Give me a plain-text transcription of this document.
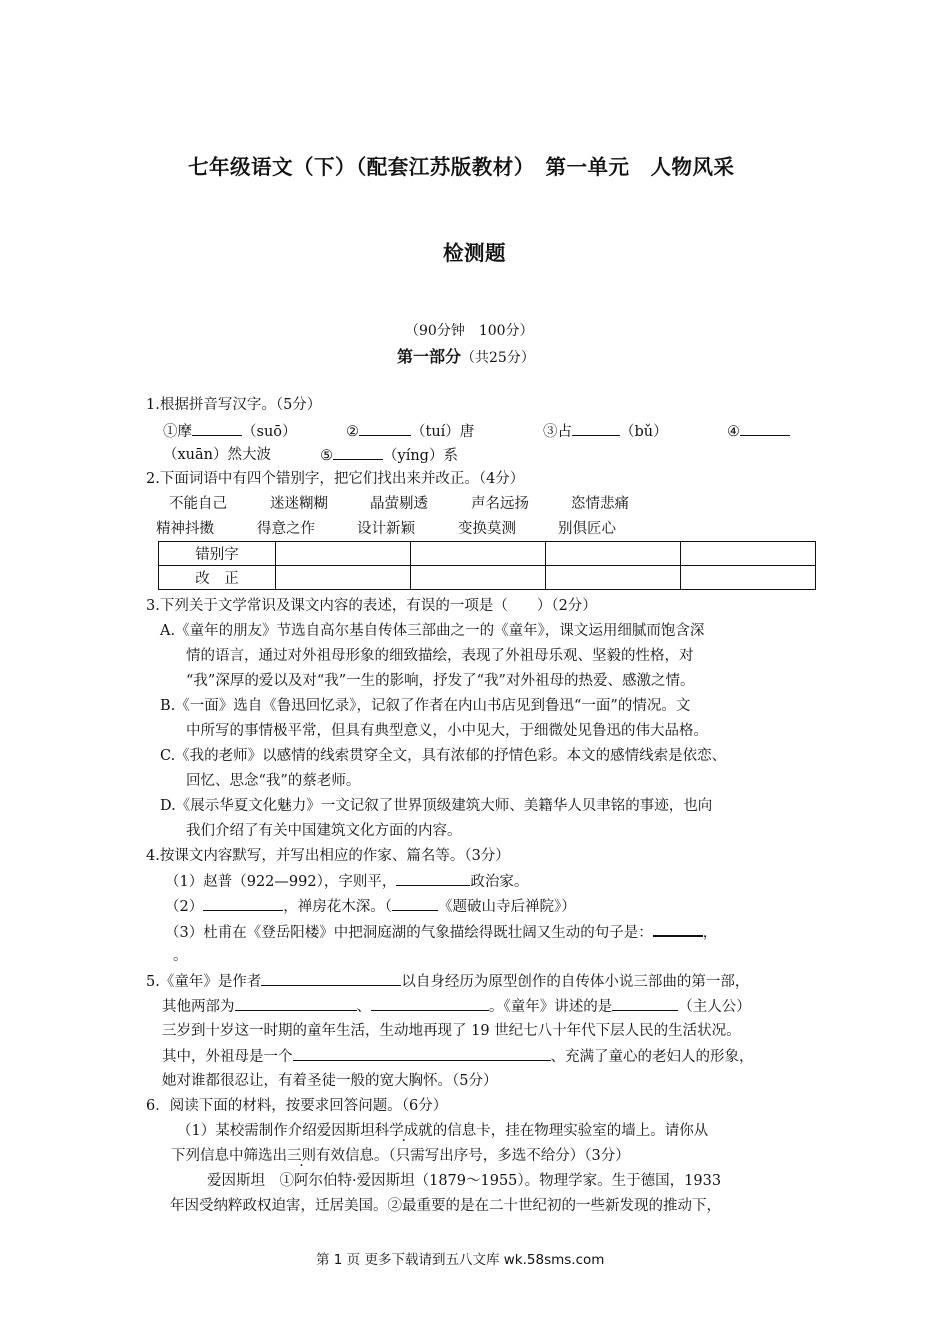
七年级语文（下）（配套江苏版教材）　第一单元　人物风采
检测题
（90分钟　100分）
第一部分（共25分）
1.根据拼音写汉字。（5分）
①摩	（suō）	②	（tuí）唐	③占	（bǔ）	④
（xuān）然大波	⑤	（yíng）系
2.下面词语中有四个错别字，把它们找出来并改正。（4分）
不能自己	迷迷糊糊	晶萤剔透	声名远扬	恣情悲痛
精神抖擞	得意之作	设计新颖	变换莫测	别俱匠心
错别字				
改　正				
3.下列关于文学常识及课文内容的表述，有误的一项是（　　）（2分）
A.《童年的朋友》节选自高尔基自传体三部曲之一的《童年》，课文运用细腻而饱含深
情的语言，通过对外祖母形象的细致描绘，表现了外祖母乐观、坚毅的性格，对
“我”深厚的爱以及对“我”一生的影响，抒发了“我”对外祖母的热爱、感激之情。
B.《一面》选自《鲁迅回忆录》，记叙了作者在内山书店见到鲁迅“一面”的情况。文
中所写的事情极平常，但具有典型意义，小中见大，于细微处见鲁迅的伟大品格。
C.《我的老师》以感情的线索贯穿全文，具有浓郁的抒情色彩。本文的感情线索是依恋、
回忆、思念“我”的蔡老师。
D.《展示华夏文化魅力》一文记叙了世界顶级建筑大师、美籍华人贝聿铭的事迹，也向
我们介绍了有关中国建筑文化方面的内容。
4.按课文内容默写，并写出相应的作家、篇名等。（3分）
（1）赵普（922—992），字则平，	政治家。
（2）	，禅房花木深。（	《题破山寺后禅院》）
（3）杜甫在《登岳阳楼》中把洞庭湖的气象描绘得既壮阔又生动的句子是：	，
。
5.《童年》是作者	以自身经历为原型创作的自传体小说三部曲的第一部，
其他两部为	、	。《童年》讲述的是	（主人公）
三岁到十岁这一时期的童年生活，生动地再现了 19 世纪七八十年代下层人民的生活状况。
其中，外祖母是一个	、充满了童心的老妇人的形象，
她对谁都很忍让，有着圣徒一般的宽大胸怀。（5分）
6．阅读下面的材料，按要求回答问题。（6分）
（1）某校需制作介绍爱因斯坦科学成就的信息卡，挂在物理实验室的墙上。请你从
下列信息中筛选出三则有效信息。（只需写出序号，多选不给分）（3分）
爱因斯坦　①阿尔伯特·爱因斯坦（1879～1955）。物理学家。生于德国，1933
年因受纳粹政权迫害，迁居美国。②最重要的是在二十世纪初的一些新发现的推动下，
第 1 页 更多下载请到五八文库 wk.58sms.com
